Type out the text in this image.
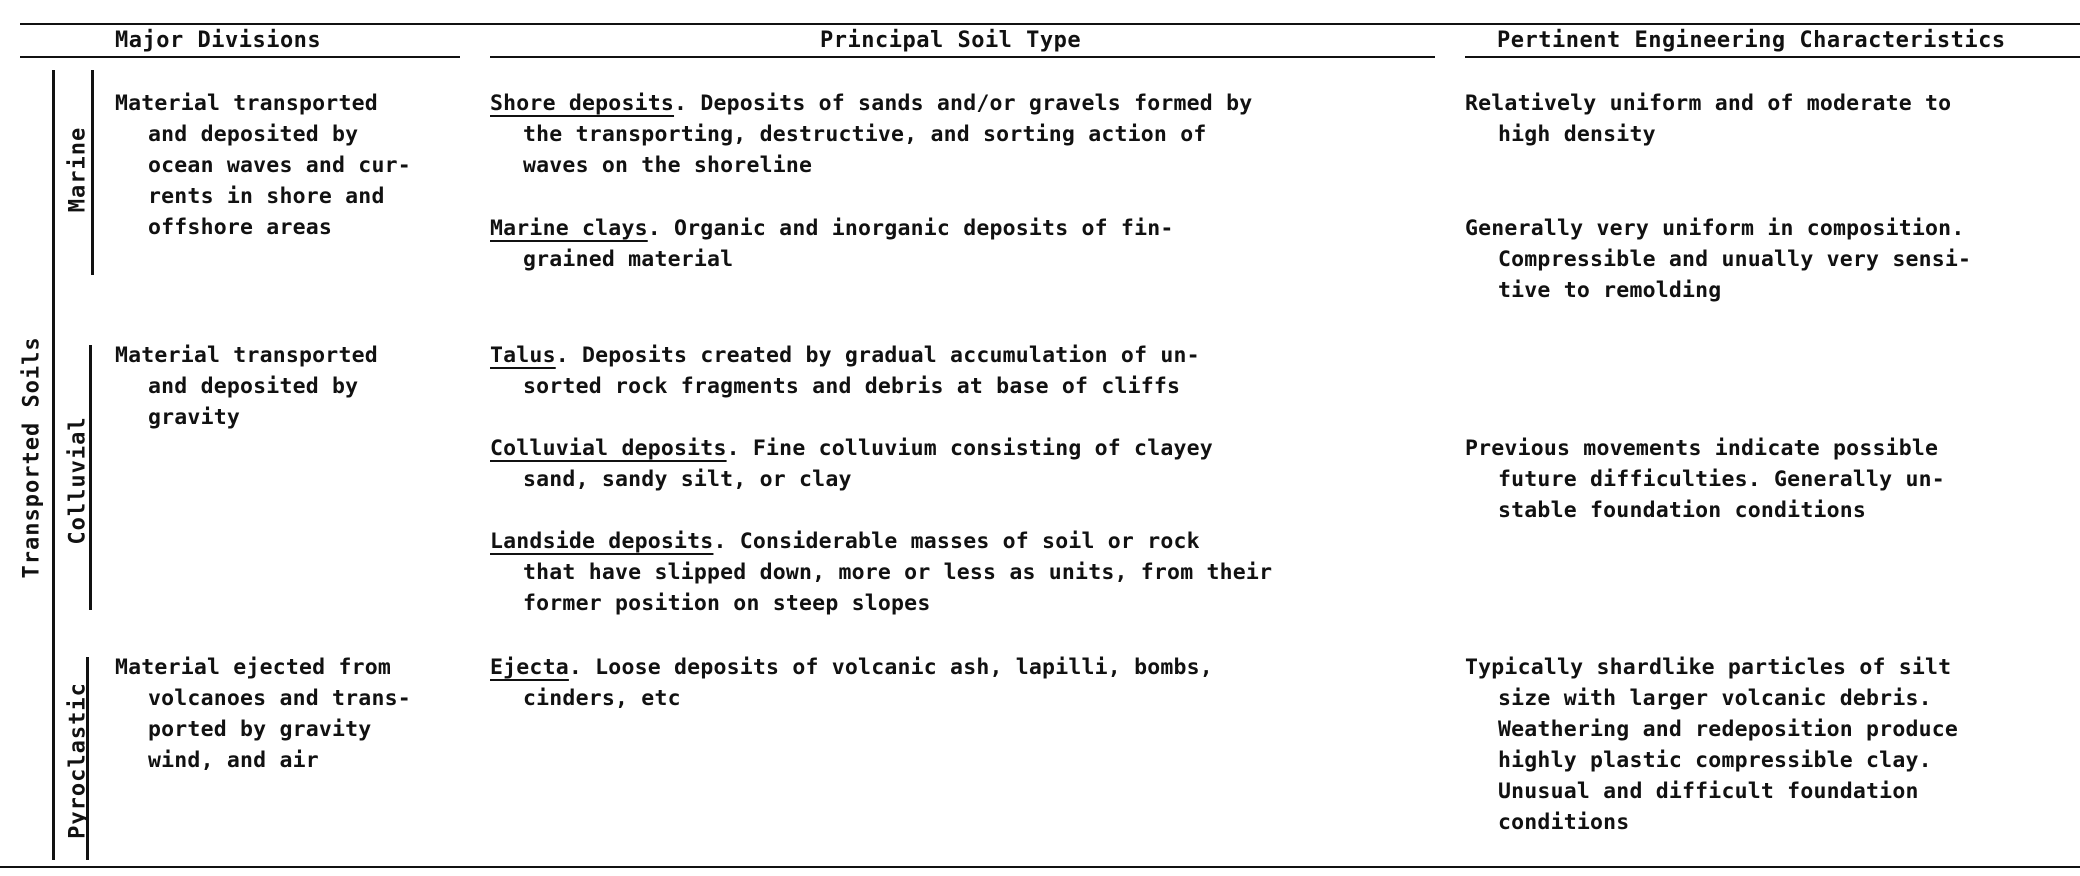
Major Divisions	Principal Soil Type	Pertinent Engineering Characteristics
Transported Soils
Marine
Colluvial
Pyroclastic
Material transported
and deposited by
ocean waves and cur-
rents in shore and
offshore areas
Material transported
and deposited by
gravity
Material ejected from
volcanoes and trans-
ported by gravity
wind, and air
Shore deposits. Deposits of sands and/or gravels formed by
the transporting, destructive, and sorting action of
waves on the shoreline
Marine clays. Organic and inorganic deposits of fin-
grained material
Talus. Deposits created by gradual accumulation of un-
sorted rock fragments and debris at base of cliffs
Colluvial deposits. Fine colluvium consisting of clayey
sand, sandy silt, or clay
Landside deposits. Considerable masses of soil or rock
that have slipped down, more or less as units, from their
former position on steep slopes
Ejecta. Loose deposits of volcanic ash, lapilli, bombs,
cinders, etc
Relatively uniform and of moderate to
high density
Generally very uniform in composition.
Compressible and unually very sensi-
tive to remolding
Previous movements indicate possible
future difficulties. Generally un-
stable foundation conditions
Typically shardlike particles of silt
size with larger volcanic debris.
Weathering and redeposition produce
highly plastic compressible clay.
Unusual and difficult foundation
conditions
